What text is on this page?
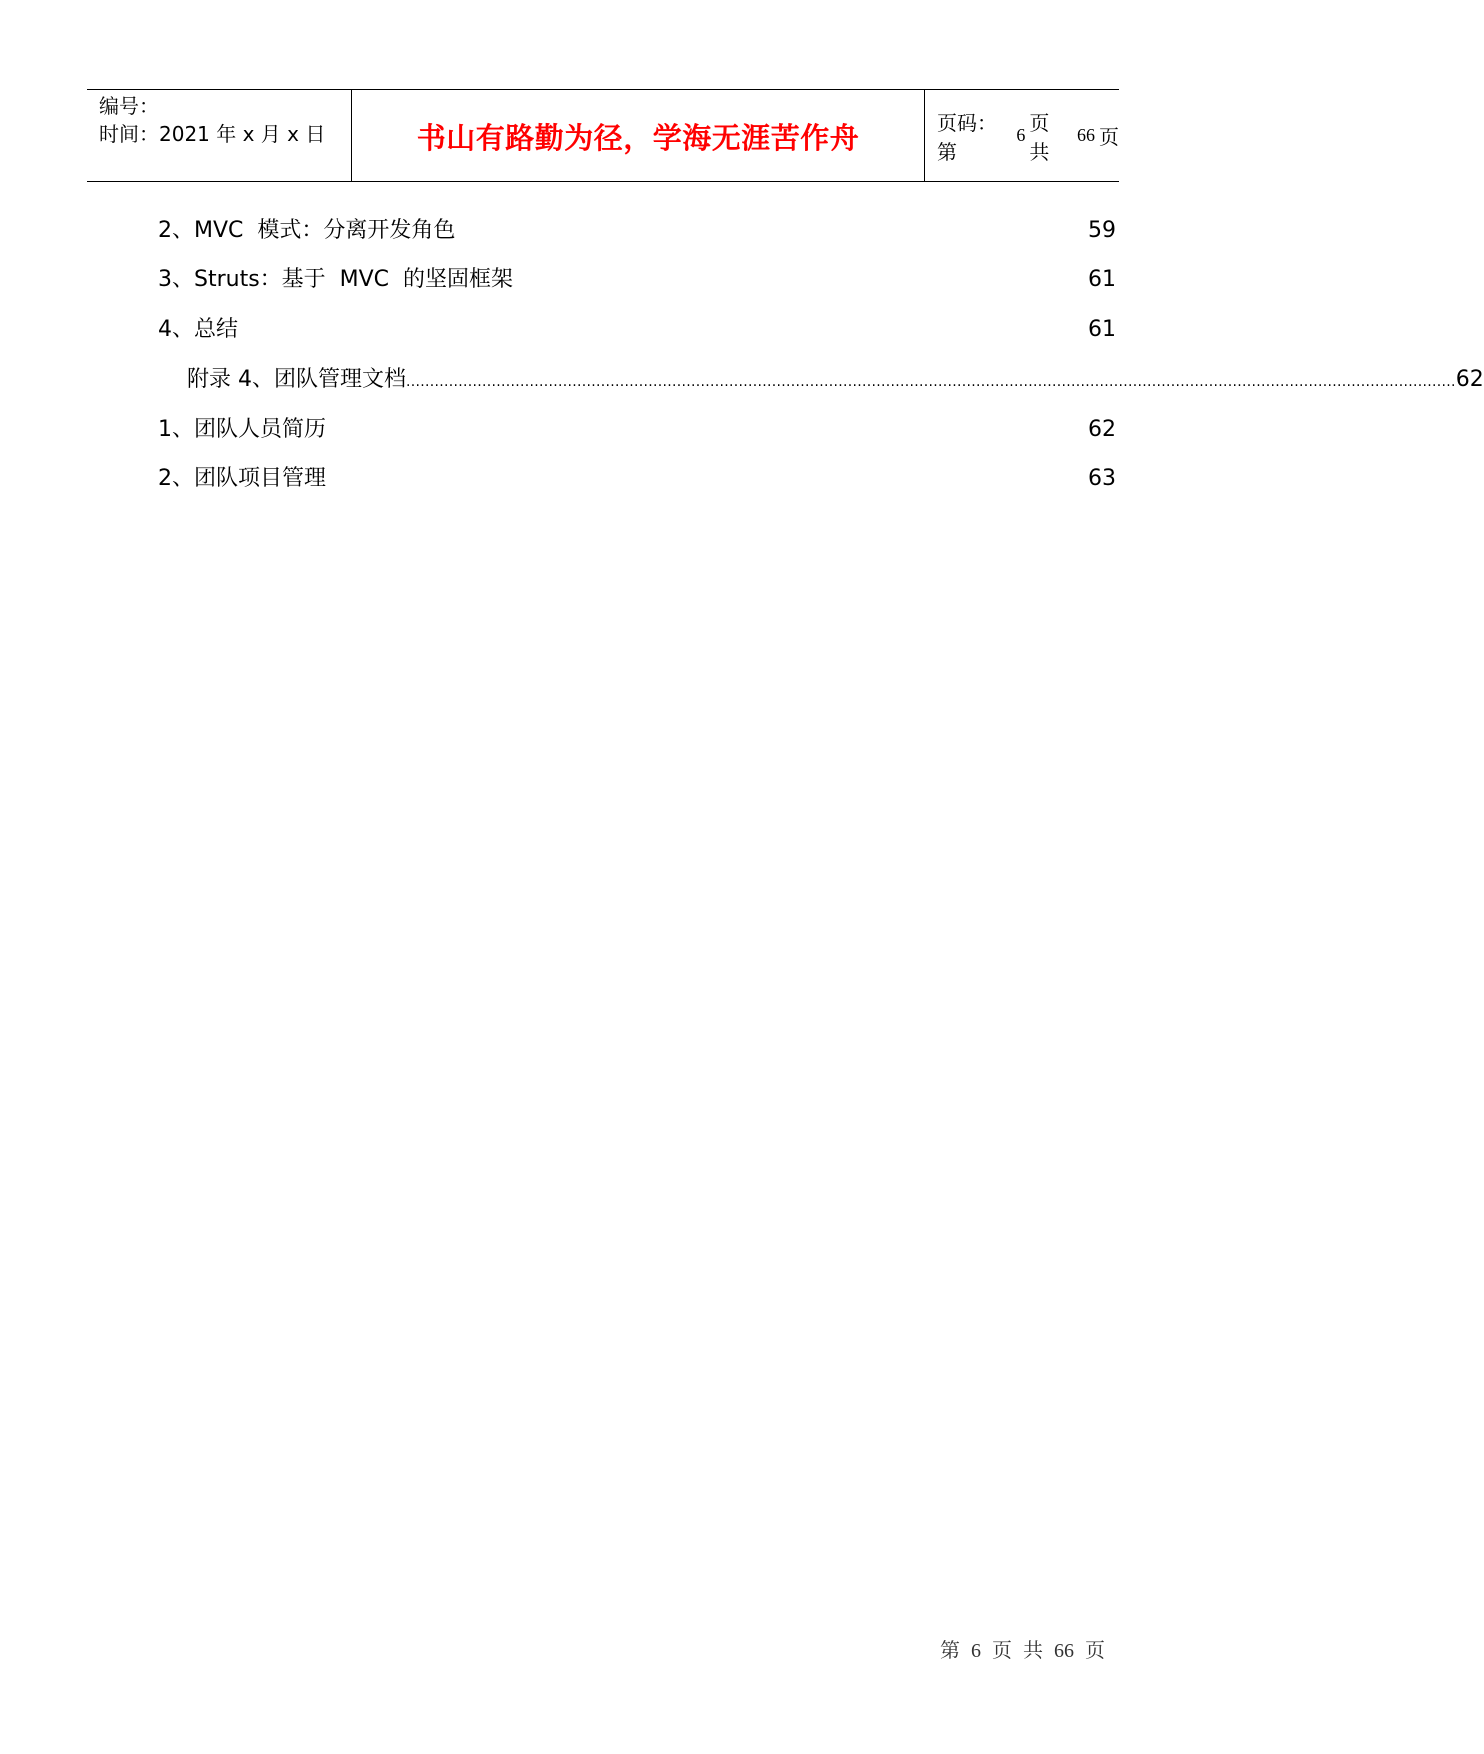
编号：
时间：2021 年 x 月 x 日	书山有路勤为径，学海无涯苦作舟	页码：第
6
页 共
66 页
2、MVC  模式：分离开发角色	59
3、Struts：基于  MVC  的坚固框架	61
4、总结	61
附录 4、团队管理文档 ............................................................................................................................................................................................................................. 62
1、团队人员简历	62
2、团队项目管理	63
第 6 页 共 66 页
